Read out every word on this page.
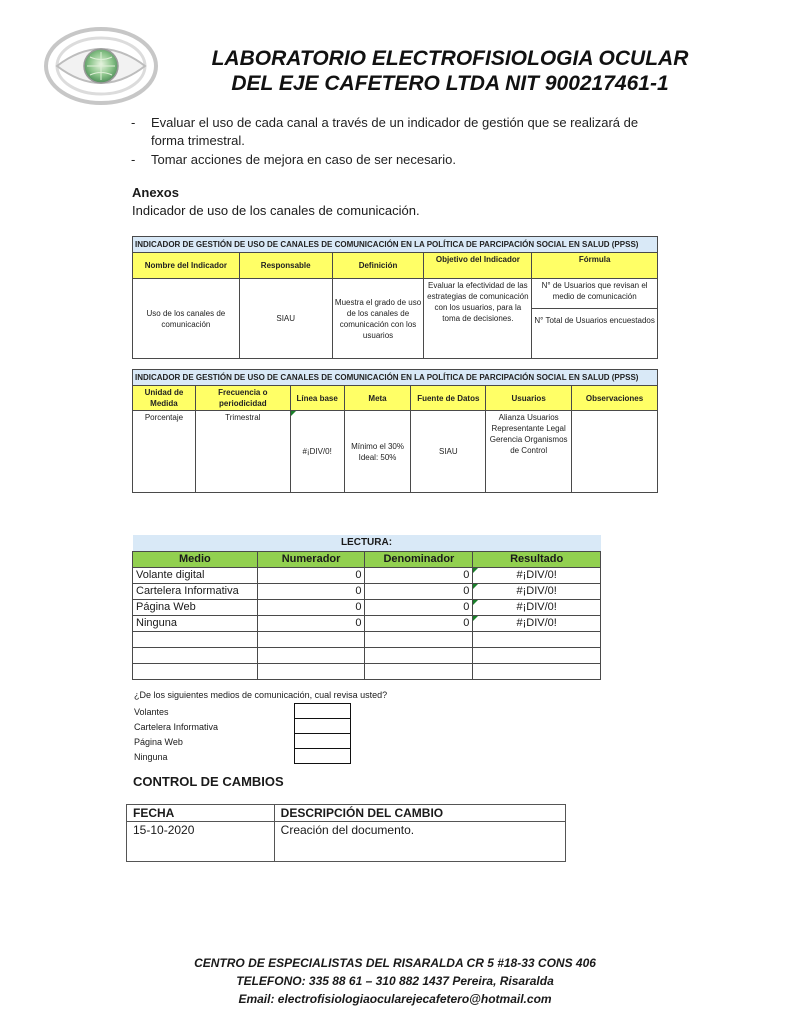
LABORATORIO ELECTROFISIOLOGIA OCULAR
DEL EJE CAFETERO LTDA NIT 900217461-1
- Evaluar el uso de cada canal a través de un indicador de gestión que se realizará de forma trimestral.
- Tomar acciones de mejora en caso de ser necesario.
Anexos
Indicador de uso de los canales de comunicación.
INDICADOR DE GESTIÓN DE USO DE CANALES DE COMUNICACIÓN EN LA POLÍTICA DE PARCIPACIÓN SOCIAL EN SALUD (PPSS)				
Nombre del Indicador	Responsable	Definición	Objetivo del Indicador	Fórmula
Uso de los canales de comunicación	SIAU	Muestra el grado de uso de los canales de comunicación con los usuarios	Evaluar la efectividad de las estrategias de comunicación con los usuarios, para la toma de decisiones.	N° de Usuarios que revisan el medio de comunicación
N° Total de Usuarios encuestados
INDICADOR DE GESTIÓN DE USO DE CANALES DE COMUNICACIÓN EN LA POLÍTICA DE PARCIPACIÓN SOCIAL EN SALUD (PPSS)						
Unidad de Medida	Frecuencia o periodicidad	Línea base	Meta	Fuente de Datos	Usuarios	Observaciones
Porcentaje	Trimestral	#¡DIV/0!	Mínimo el 30% Ideal: 50%	SIAU	Alianza Usuarios Representante Legal Gerencia Organismos de Control	
LECTURA:			
Medio	Numerador	Denominador	Resultado
Volante digital	0	0	#¡DIV/0!
Cartelera Informativa	0	0	#¡DIV/0!
Página Web	0	0	#¡DIV/0!
Ninguna	0	0	#¡DIV/0!

¿De los siguientes medios de comunicación, cual revisa usted?
Volantes
Cartelera Informativa
Página Web
Ninguna

CONTROL DE CAMBIOS
FECHA	DESCRIPCIÓN DEL CAMBIO
15-10-2020	Creación del documento.
CENTRO DE ESPECIALISTAS DEL RISARALDA CR 5 #18-33 CONS 406
TELEFONO: 335 88 61 – 310 882 1437 Pereira, Risaralda
Email: electrofisiologiaocularejecafetero@hotmail.com
